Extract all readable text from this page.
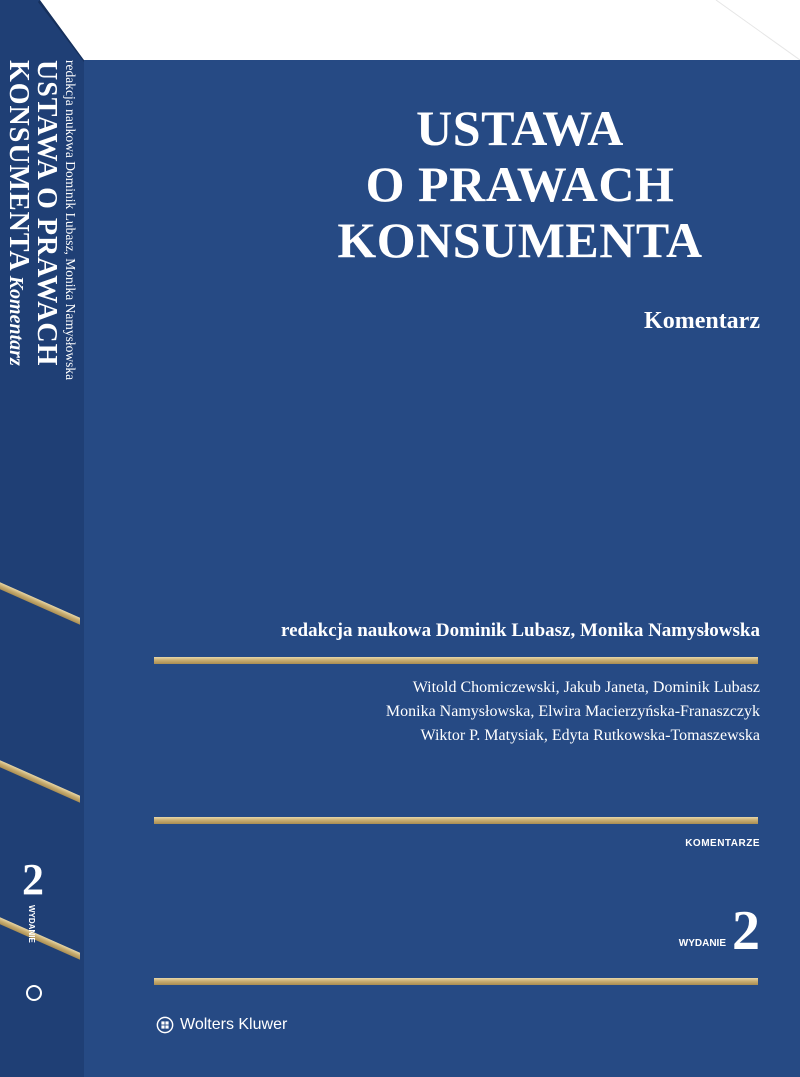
USTAWA O PRAWACH
KONSUMENTA Komentarz	redakcja naukowa Dominik Lubasz, Monika Namysłowska
2
WYDANIE
USTAWA
O PRAWACH
KONSUMENTA
Komentarz
redakcja naukowa Dominik Lubasz, Monika Namysłowska
Witold Chomiczewski, Jakub Janeta, Dominik Lubasz
Monika Namysłowska, Elwira Macierzyńska-Franaszczyk
Wiktor P. Matysiak, Edyta Rutkowska-Tomaszewska
KOMENTARZE
WYDANIE 2
Wolters Kluwer
